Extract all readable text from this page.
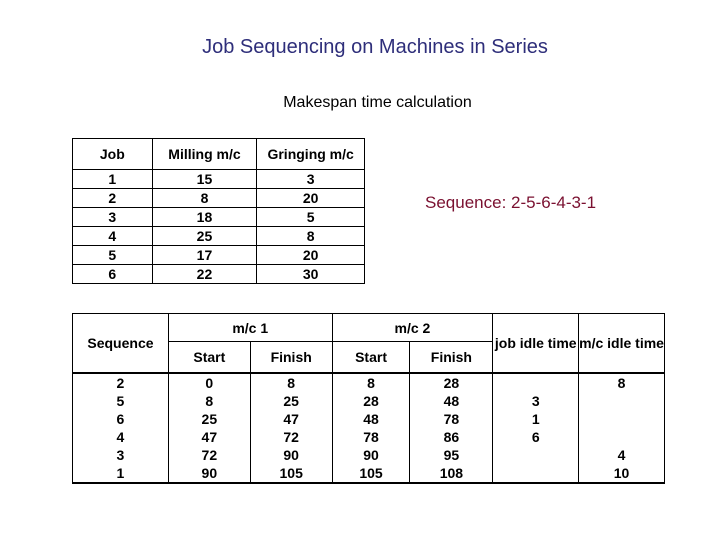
Job Sequencing on Machines in Series
Makespan time calculation
Sequence: 2-5-6-4-3-1
Job	Milling m/c	Gringing m/c
1	15	3
2	8	20
3	18	5
4	25	8
5	17	20
6	22	30
Sequence	m/c 1		m/c 2		job idle time	m/c idle time
	Start	Finish	Start	Finish		
2	0	8	8	28		8
5	8	25	28	48	3	
6	25	47	48	78	1	
4	47	72	78	86	6	
3	72	90	90	95		4
1	90	105	105	108		10
